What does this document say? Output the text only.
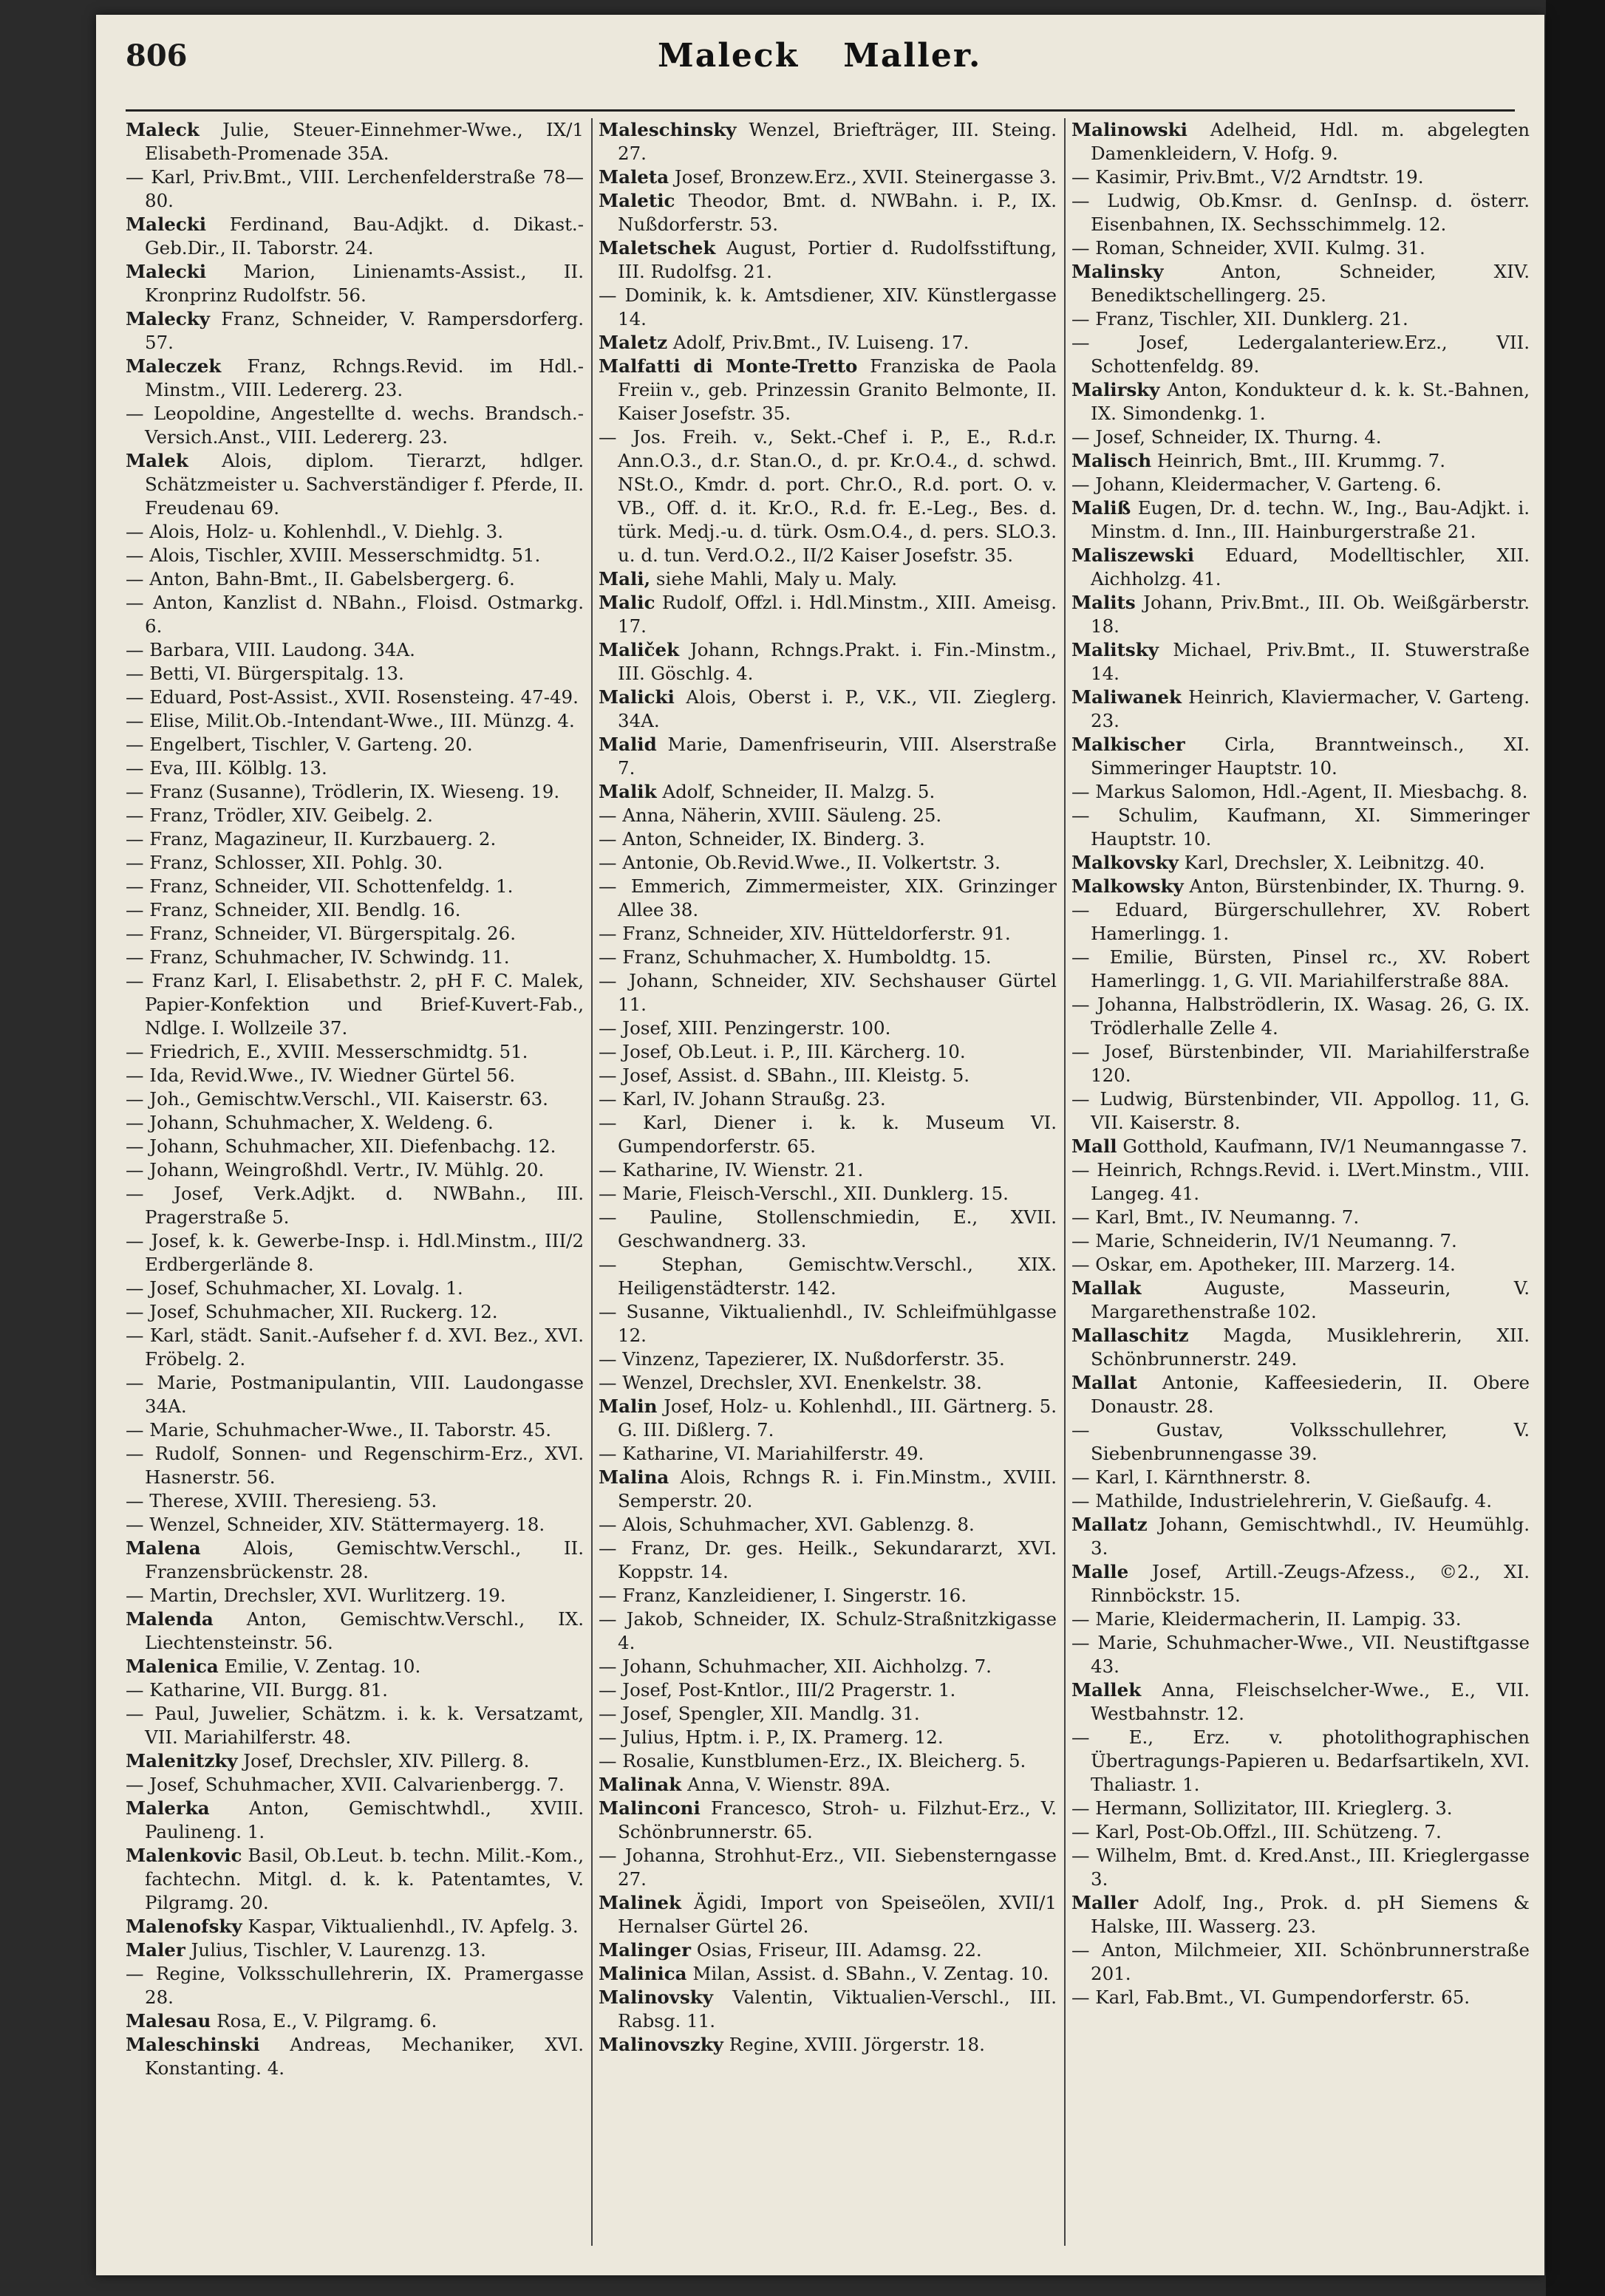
806	Maleck Maller.

Maleck Julie, Steuer-Einnehmer-Wwe., IX/1 Elisabeth-Promenade 35A.

— Karl, Priv.Bmt., VIII. Lerchenfelderstraße 78—80.

Malecki Ferdinand, Bau-Adjkt. d. Dikast.-Geb.Dir., II. Taborstr. 24.

Malecki Marion, Linienamts-Assist., II. Kronprinz Rudolfstr. 56.

Malecky Franz, Schneider, V. Rampersdorferg. 57.

Maleczek Franz, Rchngs.Revid. im Hdl.-Minstm., VIII. Ledererg. 23.

— Leopoldine, Angestellte d. wechs. Brandsch.-Versich.Anst., VIII. Ledererg. 23.

Malek Alois, diplom. Tierarzt, hdlger. Schätzmeister u. Sachverständiger f. Pferde, II. Freudenau 69.

— Alois, Holz- u. Kohlenhdl., V. Diehlg. 3.

— Alois, Tischler, XVIII. Messerschmidtg. 51.

— Anton, Bahn-Bmt., II. Gabelsbergerg. 6.

— Anton, Kanzlist d. NBahn., Floisd. Ostmarkg. 6.

— Barbara, VIII. Laudong. 34A.

— Betti, VI. Bürgerspitalg. 13.

— Eduard, Post-Assist., XVII. Rosensteing. 47-49.

— Elise, Milit.Ob.-Intendant-Wwe., III. Münzg. 4.

— Engelbert, Tischler, V. Garteng. 20.

— Eva, III. Kölblg. 13.

— Franz (Susanne), Trödlerin, IX. Wieseng. 19.

— Franz, Trödler, XIV. Geibelg. 2.

— Franz, Magazineur, II. Kurzbauerg. 2.

— Franz, Schlosser, XII. Pohlg. 30.

— Franz, Schneider, VII. Schottenfeldg. 1.

— Franz, Schneider, XII. Bendlg. 16.

— Franz, Schneider, VI. Bürgerspitalg. 26.

— Franz, Schuhmacher, IV. Schwindg. 11.

— Franz Karl, I. Elisabethstr. 2, pH F. C. Malek, Papier-Konfektion und Brief-Kuvert-Fab., Ndlge. I. Wollzeile 37.

— Friedrich, E., XVIII. Messerschmidtg. 51.

— Ida, Revid.Wwe., IV. Wiedner Gürtel 56.

— Joh., Gemischtw.Verschl., VII. Kaiserstr. 63.

— Johann, Schuhmacher, X. Weldeng. 6.

— Johann, Schuhmacher, XII. Diefenbachg. 12.

— Johann, Weingroßhdl. Vertr., IV. Mühlg. 20.

— Josef, Verk.Adjkt. d. NWBahn., III. Pragerstraße 5.

— Josef, k. k. Gewerbe-Insp. i. Hdl.Minstm., III/2 Erdbergerlände 8.

— Josef, Schuhmacher, XI. Lovalg. 1.

— Josef, Schuhmacher, XII. Ruckerg. 12.

— Karl, städt. Sanit.-Aufseher f. d. XVI. Bez., XVI. Fröbelg. 2.

— Marie, Postmanipulantin, VIII. Laudongasse 34A.

— Marie, Schuhmacher-Wwe., II. Taborstr. 45.

— Rudolf, Sonnen- und Regenschirm-Erz., XVI. Hasnerstr. 56.

— Therese, XVIII. Theresieng. 53.

— Wenzel, Schneider, XIV. Stättermayerg. 18.

Malena Alois, Gemischtw.Verschl., II. Franzensbrückenstr. 28.

— Martin, Drechsler, XVI. Wurlitzerg. 19.

Malenda Anton, Gemischtw.Verschl., IX. Liechtensteinstr. 56.

Malenica Emilie, V. Zentag. 10.

— Katharine, VII. Burgg. 81.

— Paul, Juwelier, Schätzm. i. k. k. Versatzamt, VII. Mariahilferstr. 48.

Malenitzky Josef, Drechsler, XIV. Pillerg. 8.

— Josef, Schuhmacher, XVII. Calvarienbergg. 7.

Malerka Anton, Gemischtwhdl., XVIII. Paulineng. 1.

Malenkovic Basil, Ob.Leut. b. techn. Milit.-Kom., fachtechn. Mitgl. d. k. k. Patentamtes, V. Pilgramg. 20.

Malenofsky Kaspar, Viktualienhdl., IV. Apfelg. 3.

Maler Julius, Tischler, V. Laurenzg. 13.

— Regine, Volksschullehrerin, IX. Pramergasse 28.

Malesau Rosa, E., V. Pilgramg. 6.

Maleschinski Andreas, Mechaniker, XVI. Konstanting. 4.

Maleschinsky Wenzel, Briefträger, III. Steing. 27.

Maleta Josef, Bronzew.Erz., XVII. Steinergasse 3.

Maletic Theodor, Bmt. d. NWBahn. i. P., IX. Nußdorferstr. 53.

Maletschek August, Portier d. Rudolfsstiftung, III. Rudolfsg. 21.

— Dominik, k. k. Amtsdiener, XIV. Künstlergasse 14.

Maletz Adolf, Priv.Bmt., IV. Luiseng. 17.

Malfatti di Monte-Tretto Franziska de Paola Freiin v., geb. Prinzessin Granito Belmonte, II. Kaiser Josefstr. 35.

— Jos. Freih. v., Sekt.-Chef i. P., E., R.d.r. Ann.O.3., d.r. Stan.O., d. pr. Kr.O.4., d. schwd. NSt.O., Kmdr. d. port. Chr.O., R.d. port. O. v. VB., Off. d. it. Kr.O., R.d. fr. E.-Leg., Bes. d. türk. Medj.-u. d. türk. Osm.O.4., d. pers. SLO.3. u. d. tun. Verd.O.2., II/2 Kaiser Josefstr. 35.

Mali, siehe Mahli, Maly u. Maly.

Malic Rudolf, Offzl. i. Hdl.Minstm., XIII. Ameisg. 17.

Maliček Johann, Rchngs.Prakt. i. Fin.-Minstm., III. Göschlg. 4.

Malicki Alois, Oberst i. P., V.K., VII. Zieglerg. 34A.

Malid Marie, Damenfriseurin, VIII. Alserstraße 7.

Malik Adolf, Schneider, II. Malzg. 5.

— Anna, Näherin, XVIII. Säuleng. 25.

— Anton, Schneider, IX. Binderg. 3.

— Antonie, Ob.Revid.Wwe., II. Volkertstr. 3.

— Emmerich, Zimmermeister, XIX. Grinzinger Allee 38.

— Franz, Schneider, XIV. Hütteldorferstr. 91.

— Franz, Schuhmacher, X. Humboldtg. 15.

— Johann, Schneider, XIV. Sechshauser Gürtel 11.

— Josef, XIII. Penzingerstr. 100.

— Josef, Ob.Leut. i. P., III. Kärcherg. 10.

— Josef, Assist. d. SBahn., III. Kleistg. 5.

— Karl, IV. Johann Straußg. 23.

— Karl, Diener i. k. k. Museum VI. Gumpendorferstr. 65.

— Katharine, IV. Wienstr. 21.

— Marie, Fleisch-Verschl., XII. Dunklerg. 15.

— Pauline, Stollenschmiedin, E., XVII. Geschwandnerg. 33.

— Stephan, Gemischtw.Verschl., XIX. Heiligenstädterstr. 142.

— Susanne, Viktualienhdl., IV. Schleifmühlgasse 12.

— Vinzenz, Tapezierer, IX. Nußdorferstr. 35.

— Wenzel, Drechsler, XVI. Enenkelstr. 38.

Malin Josef, Holz- u. Kohlenhdl., III. Gärtnerg. 5. G. III. Dißlerg. 7.

— Katharine, VI. Mariahilferstr. 49.

Malina Alois, Rchngs R. i. Fin.Minstm., XVIII. Semperstr. 20.

— Alois, Schuhmacher, XVI. Gablenzg. 8.

— Franz, Dr. ges. Heilk., Sekundararzt, XVI. Koppstr. 14.

— Franz, Kanzleidiener, I. Singerstr. 16.

— Jakob, Schneider, IX. Schulz-Straßnitzkigasse 4.

— Johann, Schuhmacher, XII. Aichholzg. 7.

— Josef, Post-Kntlor., III/2 Pragerstr. 1.

— Josef, Spengler, XII. Mandlg. 31.

— Julius, Hptm. i. P., IX. Pramerg. 12.

— Rosalie, Kunstblumen-Erz., IX. Bleicherg. 5.

Malinak Anna, V. Wienstr. 89A.

Malinconi Francesco, Stroh- u. Filzhut-Erz., V. Schönbrunnerstr. 65.

— Johanna, Strohhut-Erz., VII. Siebensterngasse 27.

Malinek Ägidi, Import von Speiseölen, XVII/1 Hernalser Gürtel 26.

Malinger Osias, Friseur, III. Adamsg. 22.

Malinica Milan, Assist. d. SBahn., V. Zentag. 10.

Malinovsky Valentin, Viktualien-Verschl., III. Rabsg. 11.

Malinovszky Regine, XVIII. Jörgerstr. 18.

Malinowski Adelheid, Hdl. m. abgelegten Damenkleidern, V. Hofg. 9.

— Kasimir, Priv.Bmt., V/2 Arndtstr. 19.

— Ludwig, Ob.Kmsr. d. GenInsp. d. österr. Eisenbahnen, IX. Sechsschimmelg. 12.

— Roman, Schneider, XVII. Kulmg. 31.

Malinsky Anton, Schneider, XIV. Benediktschellingerg. 25.

— Franz, Tischler, XII. Dunklerg. 21.

— Josef, Ledergalanteriew.Erz., VII. Schottenfeldg. 89.

Malirsky Anton, Kondukteur d. k. k. St.-Bahnen, IX. Simondenkg. 1.

— Josef, Schneider, IX. Thurng. 4.

Malisch Heinrich, Bmt., III. Krummg. 7.

— Johann, Kleidermacher, V. Garteng. 6.

Maliß Eugen, Dr. d. techn. W., Ing., Bau-Adjkt. i. Minstm. d. Inn., III. Hainburgerstraße 21.

Maliszewski Eduard, Modelltischler, XII. Aichholzg. 41.

Malits Johann, Priv.Bmt., III. Ob. Weißgärberstr. 18.

Malitsky Michael, Priv.Bmt., II. Stuwerstraße 14.

Maliwanek Heinrich, Klaviermacher, V. Garteng. 23.

Malkischer Cirla, Branntweinsch., XI. Simmeringer Hauptstr. 10.

— Markus Salomon, Hdl.-Agent, II. Miesbachg. 8.

— Schulim, Kaufmann, XI. Simmeringer Hauptstr. 10.

Malkovsky Karl, Drechsler, X. Leibnitzg. 40.

Malkowsky Anton, Bürstenbinder, IX. Thurng. 9.

— Eduard, Bürgerschullehrer, XV. Robert Hamerlingg. 1.

— Emilie, Bürsten, Pinsel rc., XV. Robert Hamerlingg. 1, G. VII. Mariahilferstraße 88A.

— Johanna, Halbströdlerin, IX. Wasag. 26, G. IX. Trödlerhalle Zelle 4.

— Josef, Bürstenbinder, VII. Mariahilferstraße 120.

— Ludwig, Bürstenbinder, VII. Appollog. 11, G. VII. Kaiserstr. 8.

Mall Gotthold, Kaufmann, IV/1 Neumanngasse 7.

— Heinrich, Rchngs.Revid. i. LVert.Minstm., VIII. Langeg. 41.

— Karl, Bmt., IV. Neumanng. 7.

— Marie, Schneiderin, IV/1 Neumanng. 7.

— Oskar, em. Apotheker, III. Marzerg. 14.

Mallak Auguste, Masseurin, V. Margarethenstraße 102.

Mallaschitz Magda, Musiklehrerin, XII. Schönbrunnerstr. 249.

Mallat Antonie, Kaffeesiederin, II. Obere Donaustr. 28.

— Gustav, Volksschullehrer, V. Siebenbrunnengasse 39.

— Karl, I. Kärnthnerstr. 8.

— Mathilde, Industrielehrerin, V. Gießaufg. 4.

Mallatz Johann, Gemischtwhdl., IV. Heumühlg. 3.

Malle Josef, Artill.-Zeugs-Afzess., ©2., XI. Rinnböckstr. 15.

— Marie, Kleidermacherin, II. Lampig. 33.

— Marie, Schuhmacher-Wwe., VII. Neustiftgasse 43.

Mallek Anna, Fleischselcher-Wwe., E., VII. Westbahnstr. 12.

— E., Erz. v. photolithographischen Übertragungs-Papieren u. Bedarfsartikeln, XVI. Thaliastr. 1.

— Hermann, Sollizitator, III. Krieglerg. 3.

— Karl, Post-Ob.Offzl., III. Schützeng. 7.

— Wilhelm, Bmt. d. Kred.Anst., III. Krieglergasse 3.

Maller Adolf, Ing., Prok. d. pH Siemens & Halske, III. Wasserg. 23.

— Anton, Milchmeier, XII. Schönbrunnerstraße 201.

— Karl, Fab.Bmt., VI. Gumpendorferstr. 65.
